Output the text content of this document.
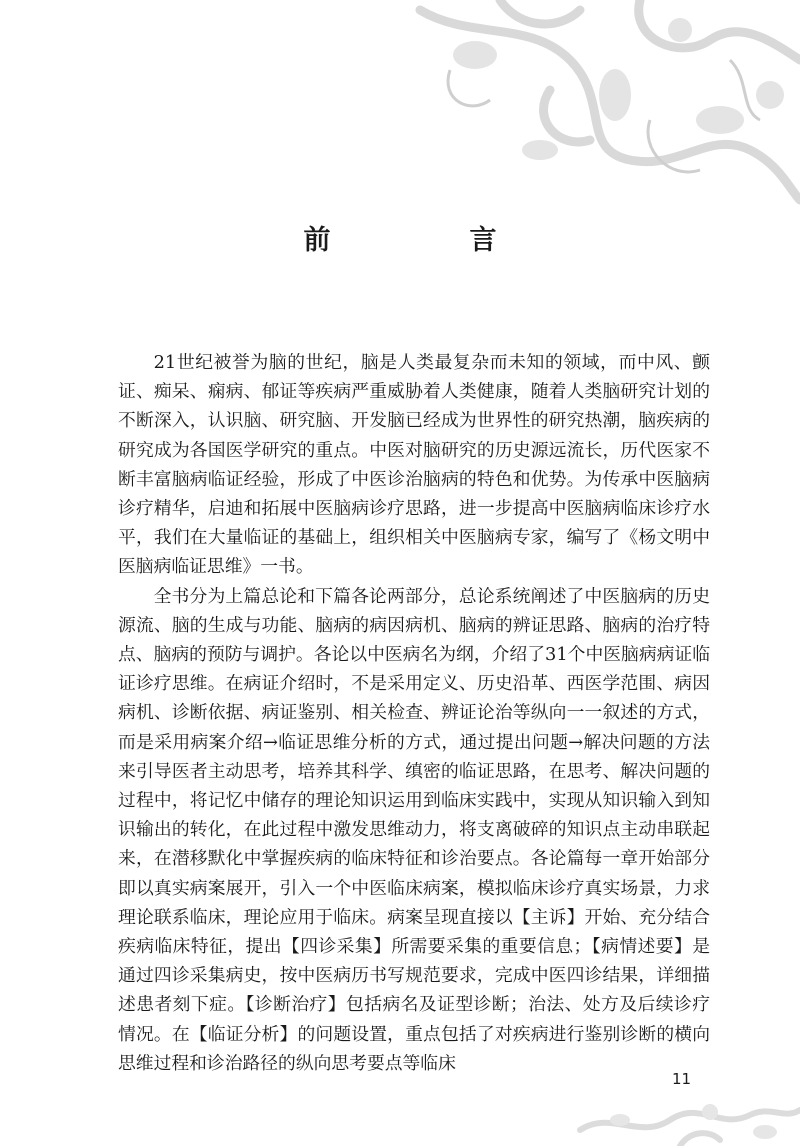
前　言

21世纪被誉为脑的世纪，脑是人类最复杂而未知的领域，而中风、颤证、痴呆、痫病、郁证等疾病严重威胁着人类健康，随着人类脑研究计划的不断深入，认识脑、研究脑、开发脑已经成为世界性的研究热潮，脑疾病的研究成为各国医学研究的重点。中医对脑研究的历史源远流长，历代医家不断丰富脑病临证经验，形成了中医诊治脑病的特色和优势。为传承中医脑病诊疗精华，启迪和拓展中医脑病诊疗思路，进一步提高中医脑病临床诊疗水平，我们在大量临证的基础上，组织相关中医脑病专家，编写了《杨文明中医脑病临证思维》一书。

全书分为上篇总论和下篇各论两部分，总论系统阐述了中医脑病的历史源流、脑的生成与功能、脑病的病因病机、脑病的辨证思路、脑病的治疗特点、脑病的预防与调护。各论以中医病名为纲，介绍了31个中医脑病病证临证诊疗思维。在病证介绍时，不是采用定义、历史沿革、西医学范围、病因病机、诊断依据、病证鉴别、相关检查、辨证论治等纵向一一叙述的方式，而是采用病案介绍→临证思维分析的方式，通过提出问题→解决问题的方法来引导医者主动思考，培养其科学、缜密的临证思路，在思考、解决问题的过程中，将记忆中储存的理论知识运用到临床实践中，实现从知识输入到知识输出的转化，在此过程中激发思维动力，将支离破碎的知识点主动串联起来，在潜移默化中掌握疾病的临床特征和诊治要点。各论篇每一章开始部分即以真实病案展开，引入一个中医临床病案，模拟临床诊疗真实场景，力求理论联系临床，理论应用于临床。病案呈现直接以【主诉】开始、充分结合疾病临床特征，提出【四诊采集】所需要采集的重要信息；【病情述要】是通过四诊采集病史，按中医病历书写规范要求，完成中医四诊结果，详细描述患者刻下症。【诊断治疗】包括病名及证型诊断；治法、处方及后续诊疗情况。在【临证分析】的问题设置，重点包括了对疾病进行鉴别诊断的横向思维过程和诊治路径的纵向思考要点等临床

11
